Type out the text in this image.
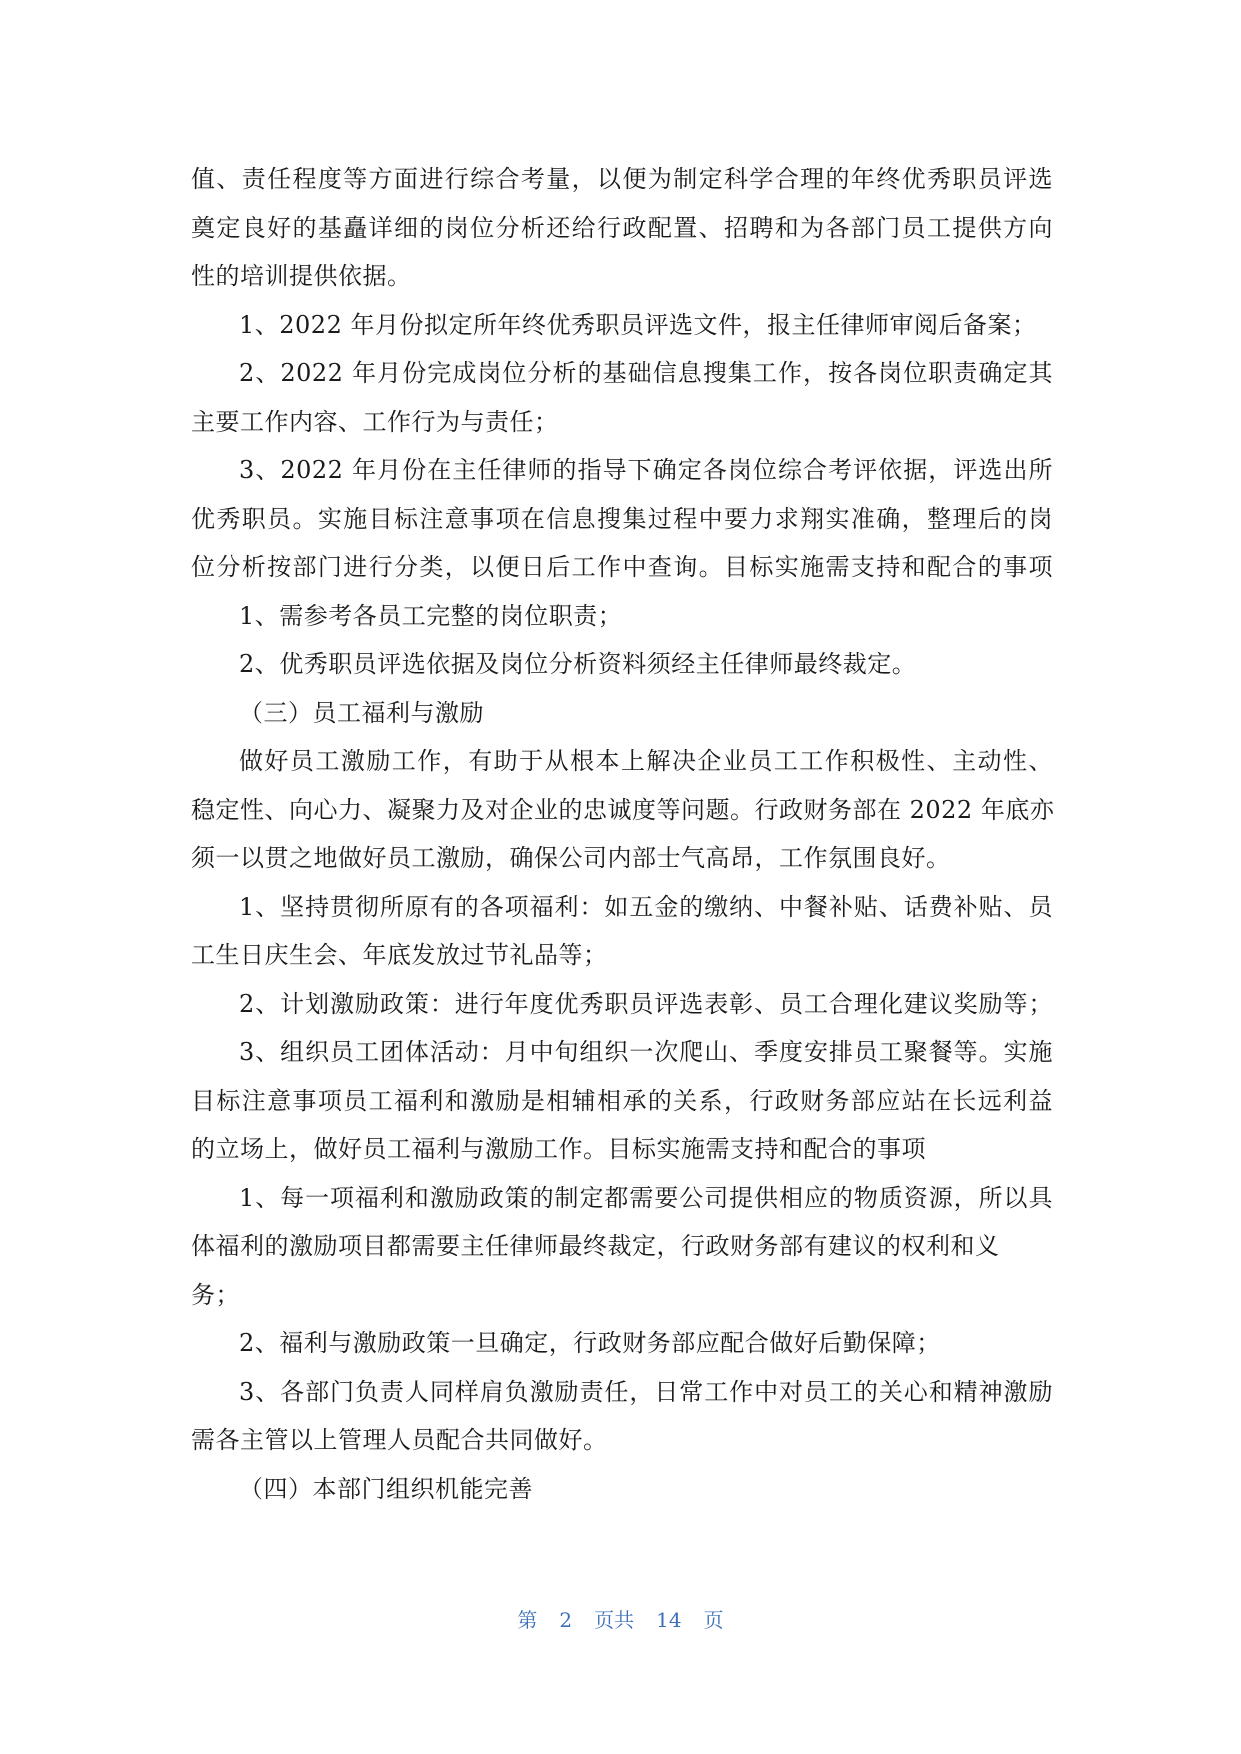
值、责任程度等方面进行综合考量，以便为制定科学合理的年终优秀职员评选
奠定良好的基矗详细的岗位分析还给行政配置、招聘和为各部门员工提供方向
性的培训提供依据。
1、2022 年月份拟定所年终优秀职员评选文件，报主任律师审阅后备案；
2、2022 年月份完成岗位分析的基础信息搜集工作，按各岗位职责确定其
主要工作内容、工作行为与责任；
3、2022 年月份在主任律师的指导下确定各岗位综合考评依据，评选出所
优秀职员。实施目标注意事项在信息搜集过程中要力求翔实准确，整理后的岗
位分析按部门进行分类，以便日后工作中查询。目标实施需支持和配合的事项
1、需参考各员工完整的岗位职责；
2、优秀职员评选依据及岗位分析资料须经主任律师最终裁定。
（三）员工福利与激励
做好员工激励工作，有助于从根本上解决企业员工工作积极性、主动性、
稳定性、向心力、凝聚力及对企业的忠诚度等问题。行政财务部在 2022 年底亦
须一以贯之地做好员工激励，确保公司内部士气高昂，工作氛围良好。
1、坚持贯彻所原有的各项福利：如五金的缴纳、中餐补贴、话费补贴、员
工生日庆生会、年底发放过节礼品等；
2、计划激励政策：进行年度优秀职员评选表彰、员工合理化建议奖励等；
3、组织员工团体活动：月中旬组织一次爬山、季度安排员工聚餐等。实施
目标注意事项员工福利和激励是相辅相承的关系，行政财务部应站在长远利益
的立场上，做好员工福利与激励工作。目标实施需支持和配合的事项
1、每一项福利和激励政策的制定都需要公司提供相应的物质资源，所以具
体福利的激励项目都需要主任律师最终裁定，行政财务部有建议的权利和义
务；
2、福利与激励政策一旦确定，行政财务部应配合做好后勤保障；
3、各部门负责人同样肩负激励责任，日常工作中对员工的关心和精神激励
需各主管以上管理人员配合共同做好。
（四）本部门组织机能完善
第 2 页共 14 页
